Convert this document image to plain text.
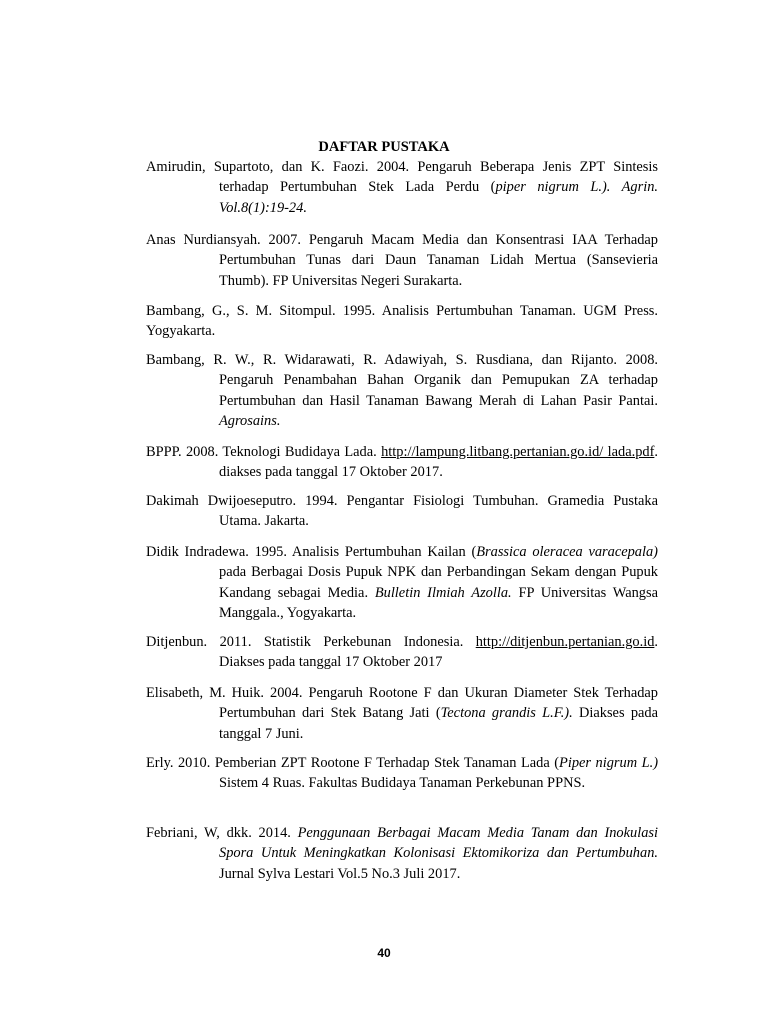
DAFTAR PUSTAKA
Amirudin, Supartoto, dan K. Faozi. 2004. Pengaruh Beberapa Jenis ZPT Sintesis terhadap Pertumbuhan Stek Lada Perdu (piper nigrum L.). Agrin. Vol.8(1):19-24.
Anas Nurdiansyah. 2007. Pengaruh Macam Media dan Konsentrasi IAA Terhadap Pertumbuhan Tunas dari Daun Tanaman Lidah Mertua (Sansevieria Thumb). FP Universitas Negeri Surakarta.
Bambang, G., S. M. Sitompul. 1995. Analisis Pertumbuhan Tanaman. UGM Press. Yogyakarta.
Bambang, R. W., R. Widarawati, R. Adawiyah, S. Rusdiana, dan Rijanto. 2008. Pengaruh Penambahan Bahan Organik dan Pemupukan ZA terhadap Pertumbuhan dan Hasil Tanaman Bawang Merah di Lahan Pasir Pantai. Agrosains.
BPPP. 2008. Teknologi Budidaya Lada. http://lampung.litbang.pertanian.go.id/ lada.pdf. diakses pada tanggal 17 Oktober 2017.
Dakimah Dwijoeseputro. 1994. Pengantar Fisiologi Tumbuhan. Gramedia Pustaka Utama. Jakarta.
Didik Indradewa. 1995. Analisis Pertumbuhan Kailan (Brassica oleracea varacepala) pada Berbagai Dosis Pupuk NPK dan Perbandingan Sekam dengan Pupuk Kandang sebagai Media. Bulletin Ilmiah Azolla. FP Universitas Wangsa Manggala., Yogyakarta.
Ditjenbun. 2011. Statistik Perkebunan Indonesia. http://ditjenbun.pertanian.go.id. Diakses pada tanggal 17 Oktober 2017
Elisabeth, M. Huik. 2004. Pengaruh Rootone F dan Ukuran Diameter Stek Terhadap Pertumbuhan dari Stek Batang Jati (Tectona grandis L.F.). Diakses pada tanggal 7 Juni.
Erly. 2010. Pemberian ZPT Rootone F Terhadap Stek Tanaman Lada (Piper nigrum L.) Sistem 4 Ruas. Fakultas Budidaya Tanaman Perkebunan PPNS.
Febriani, W, dkk. 2014. Penggunaan Berbagai Macam Media Tanam dan Inokulasi Spora Untuk Meningkatkan Kolonisasi Ektomikoriza dan Pertumbuhan. Jurnal Sylva Lestari Vol.5 No.3 Juli 2017.
40
